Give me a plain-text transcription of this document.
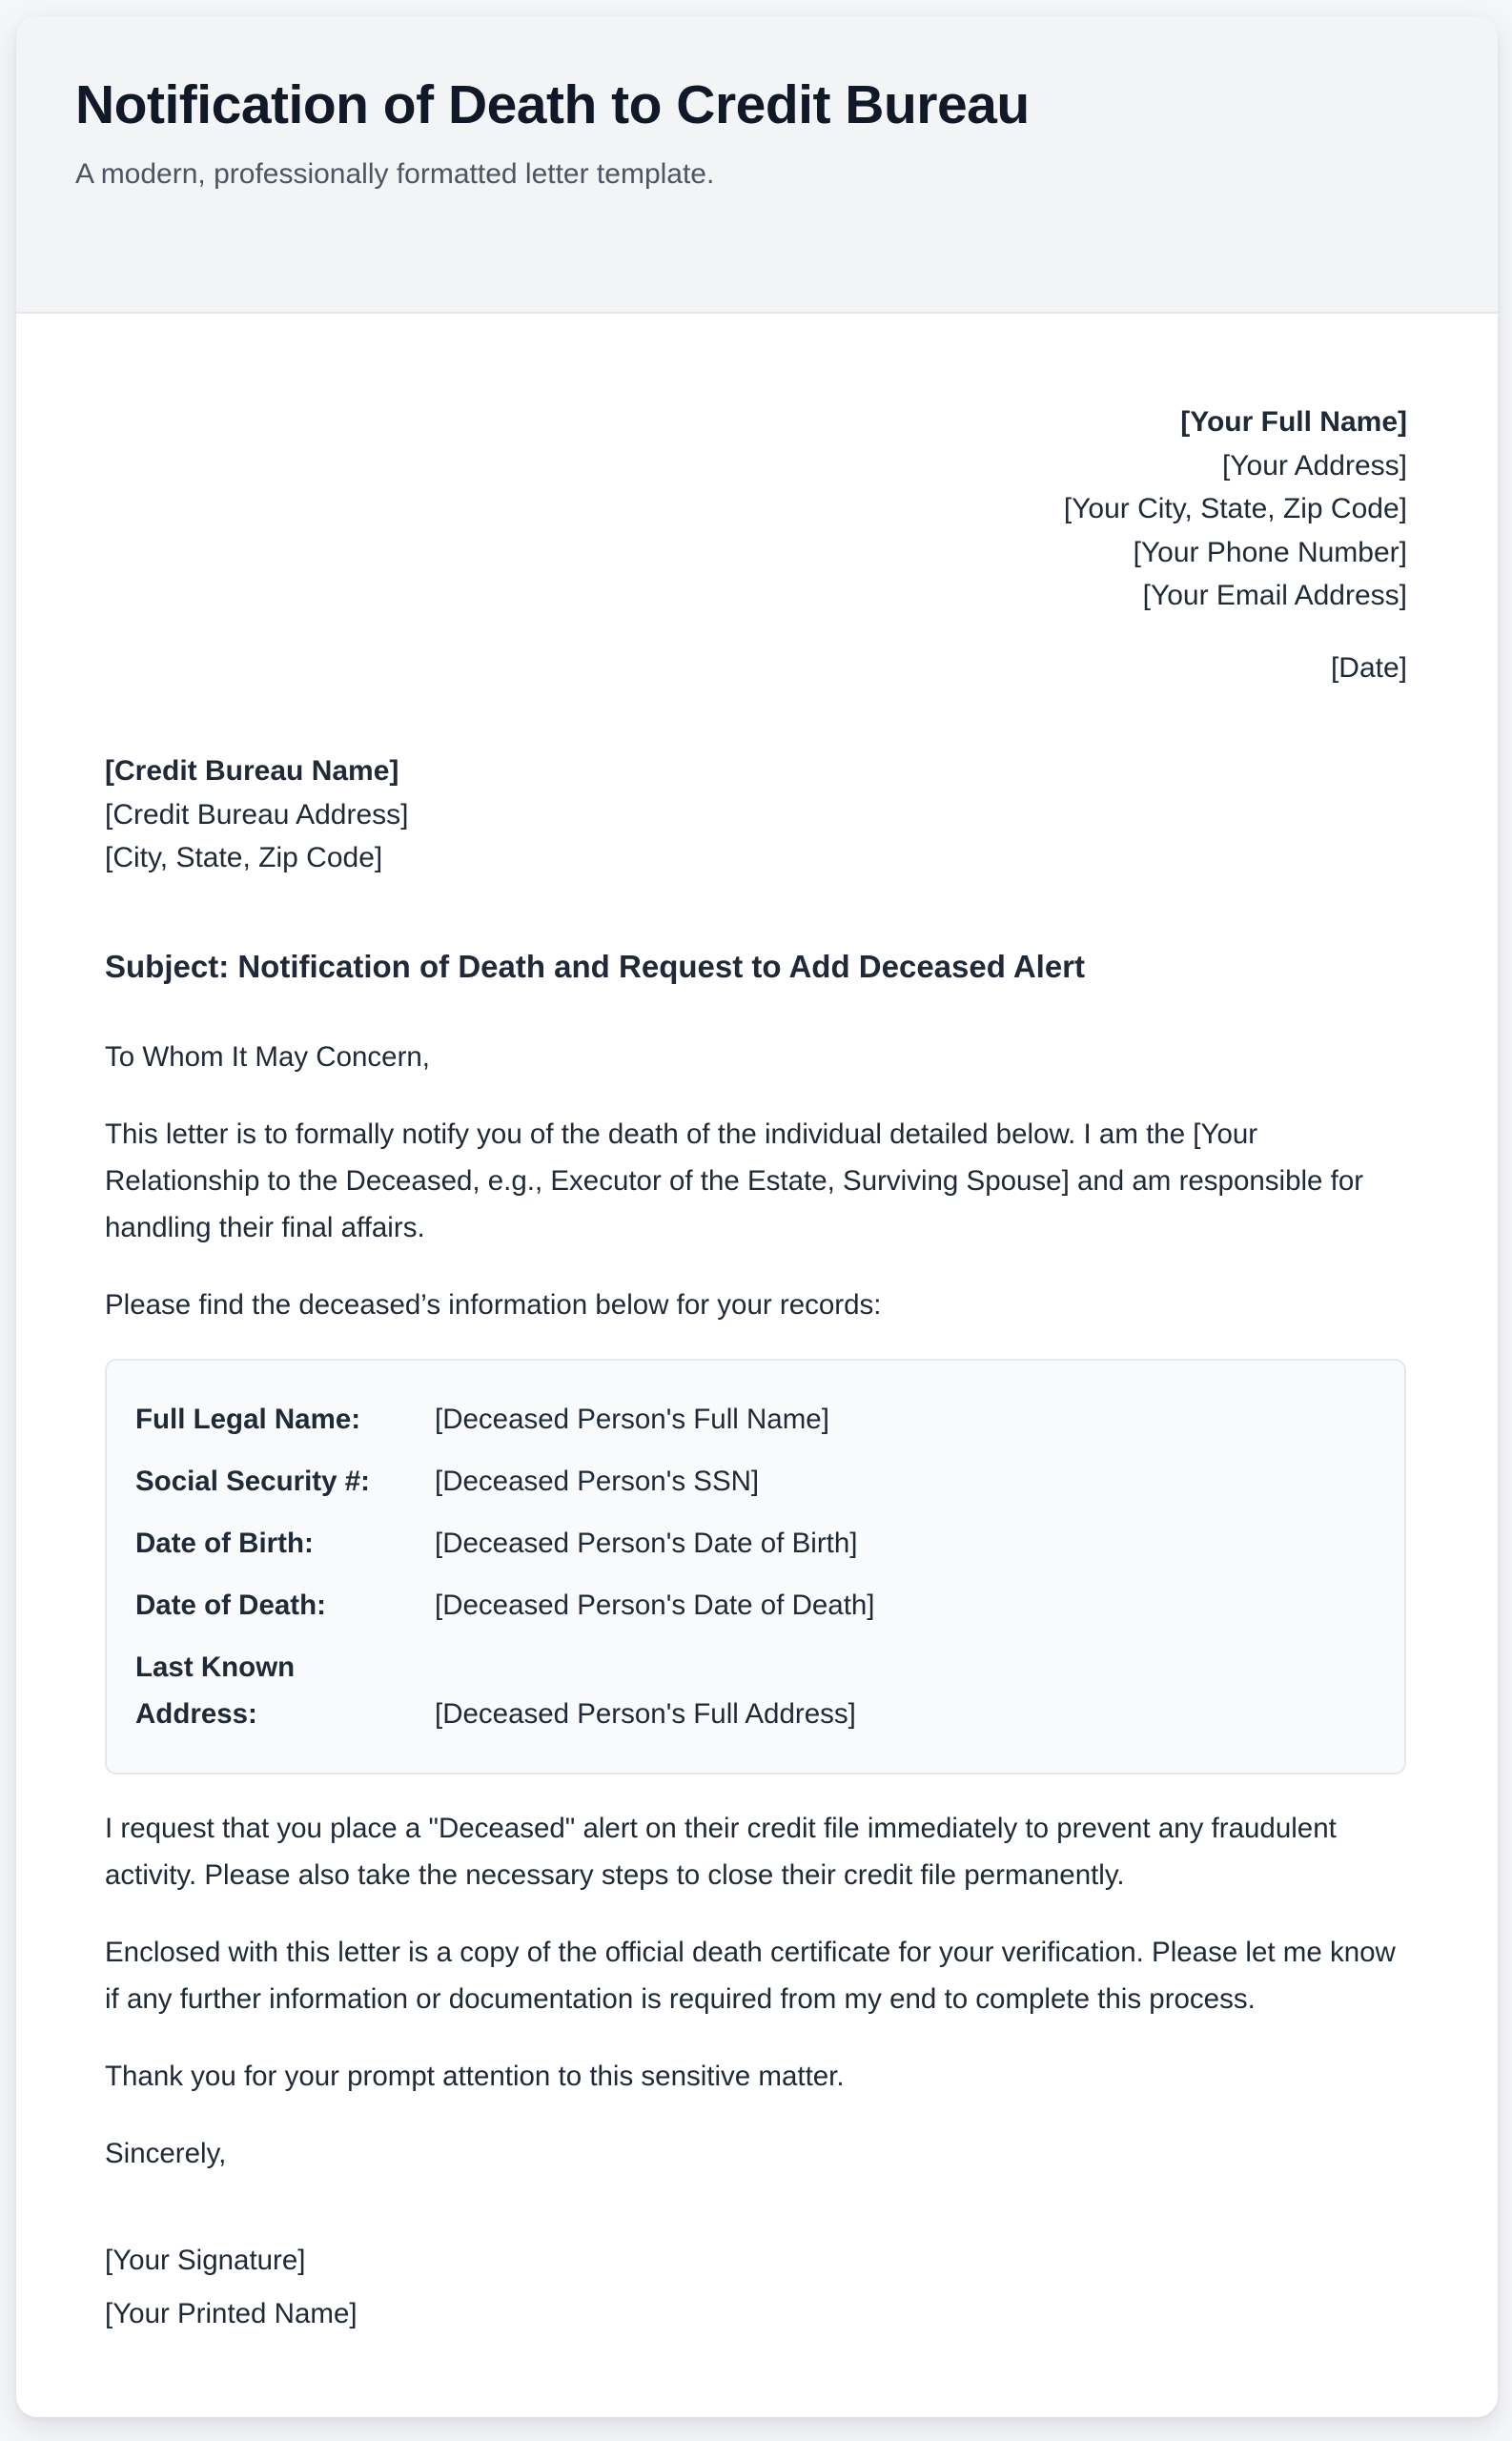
Notification of Death to Credit Bureau

A modern, professionally formatted letter template.

[Your Full Name]
[Your Address]
[Your City, State, Zip Code]
[Your Phone Number]
[Your Email Address]
[Date]
[Credit Bureau Name]
[Credit Bureau Address]
[City, State, Zip Code]
Subject: Notification of Death and Request to Add Deceased Alert

To Whom It May Concern,

This letter is to formally notify you of the death of the individual detailed below. I am the [Your Relationship to the Deceased, e.g., Executor of the Estate, Surviving Spouse] and am responsible for handling their final affairs.

Please find the deceased’s information below for your records:

Full Legal Name:	[Deceased Person's Full Name]
Social Security #: [Deceased Person's SSN]
Date of Birth:	[Deceased Person's Date of Birth]
Date of Death:	[Deceased Person's Date of Death]
Last Known Address:	[Deceased Person's Full Address]

I request that you place a "Deceased" alert on their credit file immediately to prevent any fraudulent activity. Please also take the necessary steps to close their credit file permanently.

Enclosed with this letter is a copy of the official death certificate for your verification. Please let me know if any further information or documentation is required from my end to complete this process.

Thank you for your prompt attention to this sensitive matter.

Sincerely,

[Your Signature]
[Your Printed Name]
